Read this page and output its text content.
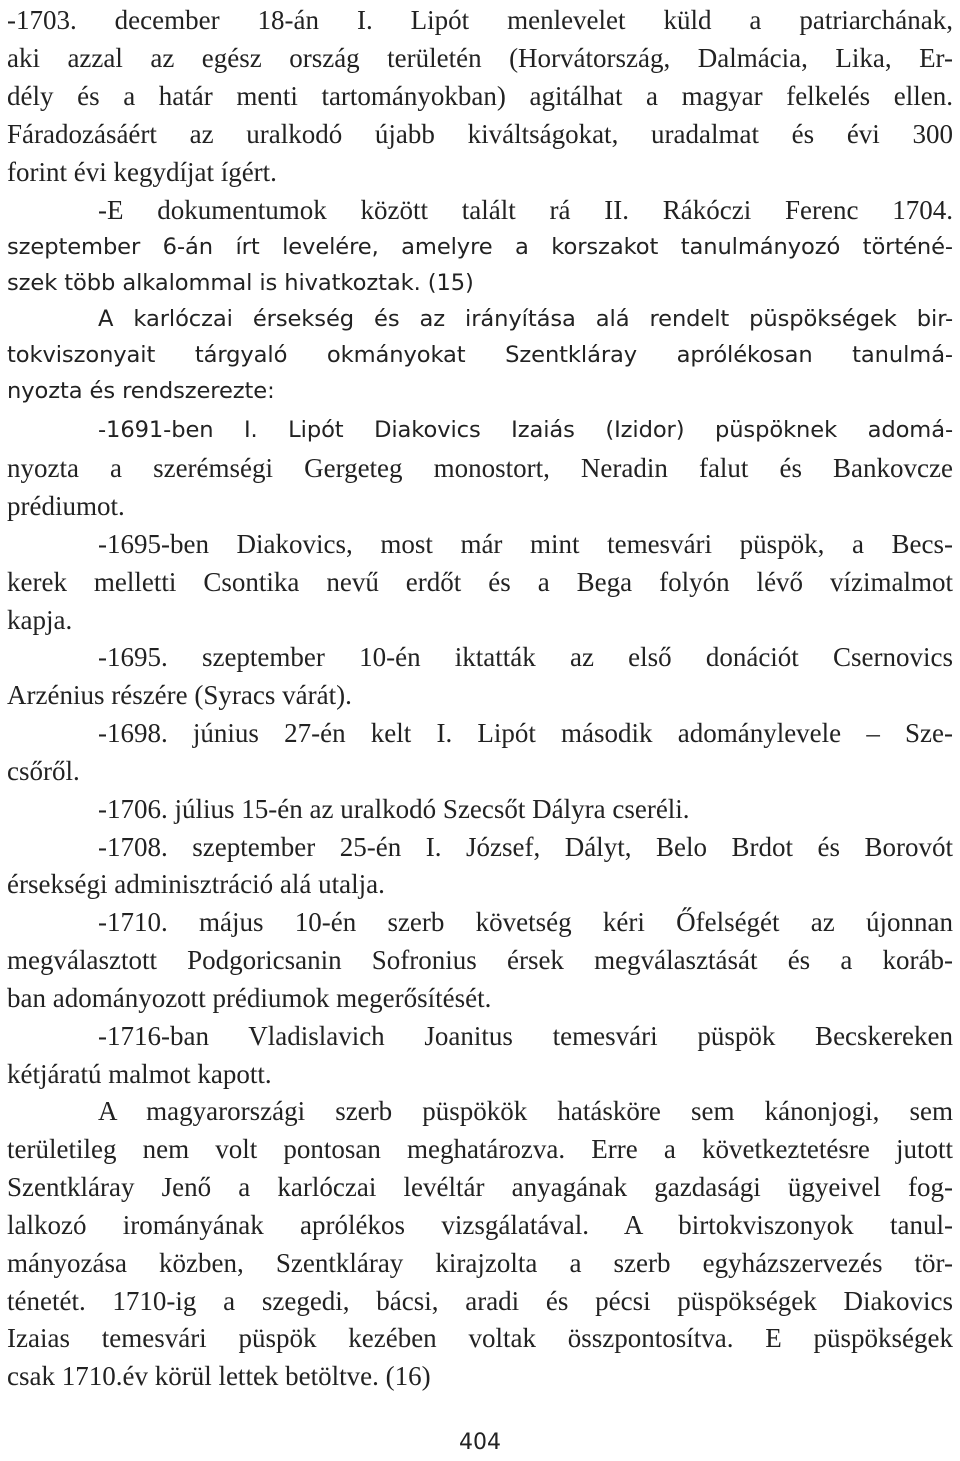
-1703. december 18-án I. Lipót menlevelet küld a patriarchának,
aki azzal az egész ország területén (Horvátország, Dalmácia, Lika, Er-
dély és a határ menti tartományokban) agitálhat a magyar felkelés ellen.
Fáradozásáért az uralkodó újabb kiváltságokat, uradalmat és évi 300
forint évi kegydíjat ígért.
-E dokumentumok között talált rá II. Rákóczi Ferenc 1704.
szeptember 6-án írt levelére, amelyre a korszakot tanulmányozó történé-
szek több alkalommal is hivatkoztak. (15)
A karlóczai érsekség és az irányítása alá rendelt püspökségek bir-
tokviszonyait tárgyaló okmányokat Szentkláray aprólékosan tanulmá-
nyozta és rendszerezte:
-1691-ben I. Lipót Diakovics Izaiás (Izidor) püspöknek adomá-
nyozta a szerémségi Gergeteg monostort, Neradin falut és Bankovcze
prédiumot.
-1695-ben Diakovics, most már mint temesvári püspök, a Becs-
kerek melletti Csontika nevű erdőt és a Bega folyón lévő vízimalmot
kapja.
-1695. szeptember 10-én iktatták az első donációt Csernovics
Arzénius részére (Syracs várát).
-1698. június 27-én kelt I. Lipót második adománylevele – Sze-
csőről.
-1706. július 15-én az uralkodó Szecsőt Dályra cseréli.
-1708. szeptember 25-én I. József, Dályt, Belo Brdot és Borovót
érsekségi adminisztráció alá utalja.
-1710. május 10-én szerb követség kéri Őfelségét az újonnan
megválasztott Podgoricsanin Sofronius érsek megválasztását és a koráb-
ban adományozott prédiumok megerősítését.
-1716-ban Vladislavich Joanitus temesvári püspök Becskereken
kétjáratú malmot kapott.
A magyarországi szerb püspökök hatásköre sem kánonjogi, sem
területileg nem volt pontosan meghatározva. Erre a következtetésre jutott
Szentkláray Jenő a karlóczai levéltár anyagának gazdasági ügyeivel fog-
lalkozó irományának aprólékos vizsgálatával. A birtokviszonyok tanul-
mányozása közben, Szentkláray kirajzolta a szerb egyházszervezés tör-
ténetét. 1710-ig a szegedi, bácsi, aradi és pécsi püspökségek Diakovics
Izaias temesvári püspök kezében voltak összpontosítva. E püspökségek
csak 1710.év körül lettek betöltve. (16)
404
